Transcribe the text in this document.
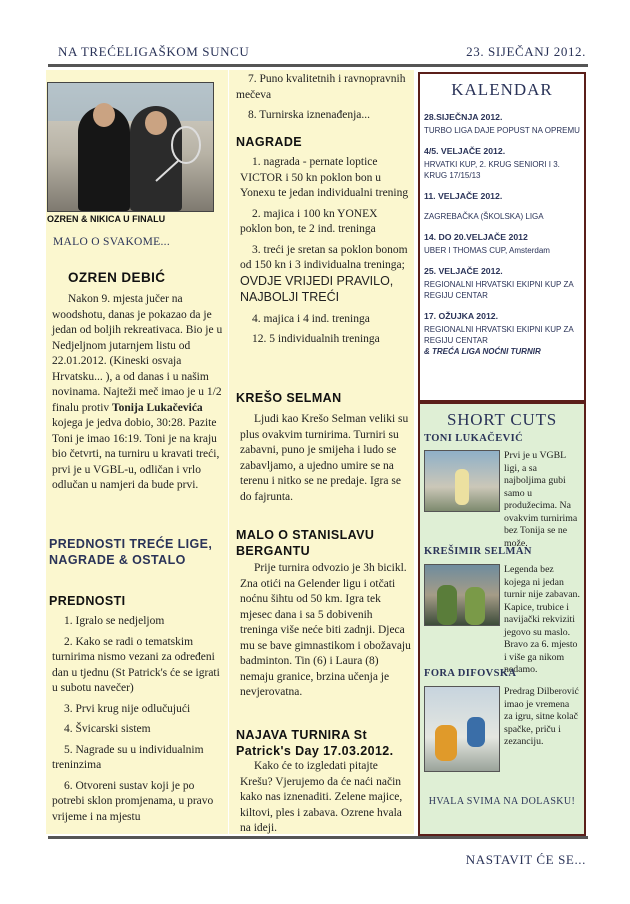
NA TREĆELIGAŠKOM SUNCU	23. SIJEČANJ 2012.
OZREN & NIKICA U FINALU
MALO O SVAKOME...
OZREN DEBIĆ
Nakon 9. mjesta jučer na woodshotu, danas je pokazao da je jedan od boljih rekreativaca. Bio je u Nedjeljnom jutarnjem listu od 22.01.2012. (Kineski osvaja Hrvatsku... ), a od danas i u našim novinama. Najteži meč imao je u 1/2 finalu protiv Tonija Lukačevića kojega je jedva dobio, 30:28. Pazite Toni je imao 16:19. Toni je na kraju bio četvrti, na turniru u kravati treći, prvi je u VGBL-u, odličan i vrlo odlučan u namjeri da bude prvi.
PREDNOSTI TREĆE LIGE, NAGRADE & OSTALO
PREDNOSTI
1. Igralo se nedjeljom
2. Kako se radi o tematskim turnirima nismo vezani za određeni dan u tjednu (St Patrick's će se igrati u subotu navečer)
3. Prvi krug nije odlučujući
4. Švicarski sistem
5. Nagrade su u individualnim treninzima
6. Otvoreni sustav koji je po potrebi sklon promjenama, u pravo vrijeme i na mjestu
7. Puno kvalitetnih i ravnopravnih mečeva
8. Turnirska iznenađenja...
NAGRADE
1. nagrada - pernate loptice VICTOR i 50 kn poklon bon u Yonexu te jedan individualni trening
2. majica i 100 kn YONEX poklon bon, te 2 ind. treninga
3. treći je sretan sa poklon bonom od 150 kn i 3 individualna treninga; OVDJE VRIJEDI PRAVILO, NAJBOLJI TREĆI
4. majica i 4 ind. treninga
12. 5 individualnih treninga
KREŠO SELMAN
Ljudi kao Krešo Selman veliki su plus ovakvim turnirima. Turniri su zabavni, puno je smijeha i ludo se zabavljamo, a ujedno umire se na terenu i nitko se ne predaje. Igra se do fajrunta.
MALO O STANISLAVU BERGANTU
Prije turnira odvozio je 3h bicikl. Zna otići na Gelender ligu i otčati noćnu šihtu od 50 km. Igra tek mjesec dana i sa 5 dobivenih treninga više neće biti zadnji. Djeca mu se bave gimnastikom i obožavaju badminton. Tin (6) i Laura (8) nemaju granice, brzina učenja je nevjerovatna.
NAJAVA TURNIRA St Patrick's Day 17.03.2012.
Kako će to izgledati pitajte Krešu? Vjerujemo da će naći način kako nas iznenaditi. Zelene majice, kiltovi, ples i zabava. Ozrene hvala na ideji.
KALENDAR
28.SIJEČNJA 2012.
TURBO LIGA DAJE POPUST NA OPREMU
4/5. VELJAČE 2012.
HRVATKI KUP, 2. KRUG SENIORI I 3. KRUG 17/15/13
11. VELJAČE 2012.
ZAGREBAČKA (ŠKOLSKA) LIGA
14. DO 20.VELJAČE 2012
UBER I THOMAS CUP, Amsterdam
25. VELJAČE 2012.
REGIONALNI HRVATSKI EKIPNI KUP ZA REGIJU CENTAR
17. OŽUJKA 2012.
REGIONALNI HRVATSKI EKIPNI KUP ZA REGIJU CENTAR
& TREĆA LIGA NOĆNI TURNIR
SHORT CUTS
TONI LUKAČEVIĆ
Prvi je u VGBL ligi, a sa najboljima gubi samo u produžecima. Na ovakvim turnirima bez Tonija se ne može.
KREŠIMIR SELMAN
Legenda bez kojega ni jedan turnir nije zabavan. Kapice, trubice i navijački rekviziti jegovo su maslo. Bravo za 6. mjesto i više ga nikom nedamo.
FORA DIFOVSKA
Predrag Dilberović imao je vremena za igru, sitne kolač spačke, priču i zezanciju.
HVALA SVIMA NA DOLASKU!
NASTAVIT ĆE SE...
